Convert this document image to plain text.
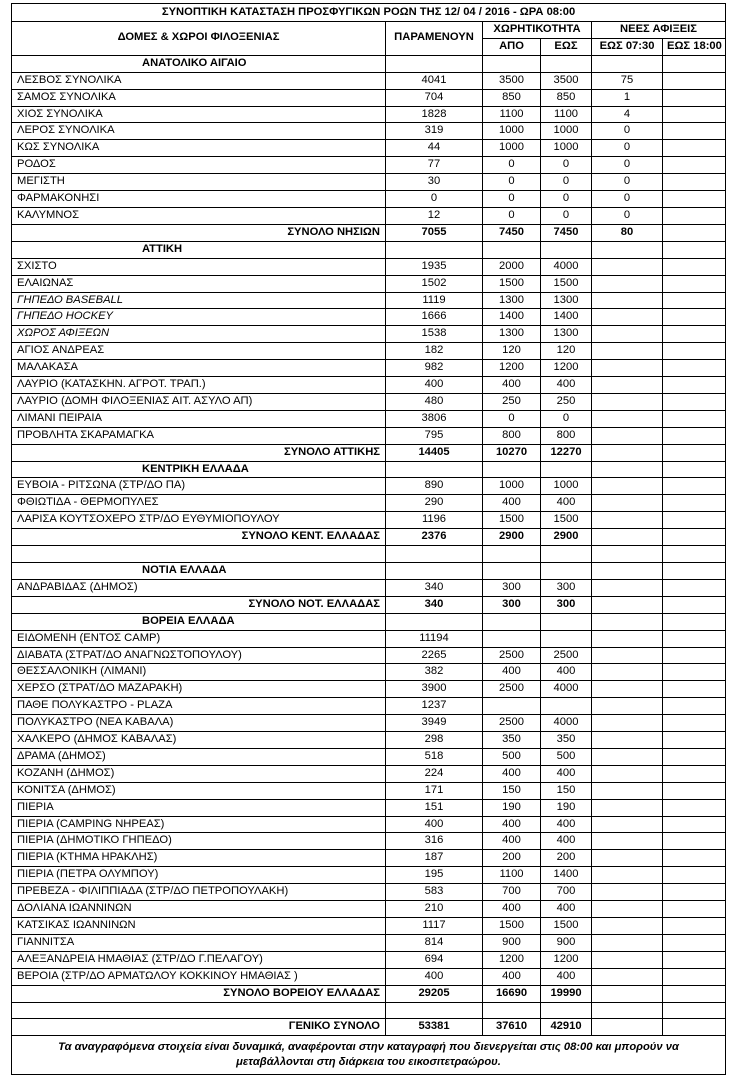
ΣΥΝΟΠΤΙΚΗ ΚΑΤΑΣΤΑΣΗ ΠΡΟΣΦΥΓΙΚΩΝ ΡΟΩΝ ΤΗΣ 12/ 04 / 2016 - ΩΡΑ 08:00					
ΔΟΜΕΣ & ΧΩΡΟΙ ΦΙΛΟΞΕΝΙΑΣ	ΠΑΡΑΜΕΝΟΥΝ	ΧΩΡΗΤΙΚΟΤΗΤΑ		ΝΕΕΣ ΑΦΙΞΕΙΣ	
		ΑΠΟ	ΕΩΣ	ΕΩΣ 07:30	ΕΩΣ 18:00
ΑΝΑΤΟΛΙΚΟ ΑΙΓΑΙΟ					
ΛΕΣΒΟΣ ΣΥΝΟΛΙΚΑ	4041	3500	3500	75	
ΣΑΜΟΣ ΣΥΝΟΛΙΚΑ	704	850	850	1	
ΧΙΟΣ ΣΥΝΟΛΙΚΑ	1828	1100	1100	4	
ΛΕΡΟΣ ΣΥΝΟΛΙΚΑ	319	1000	1000	0	
ΚΩΣ ΣΥΝΟΛΙΚΑ	44	1000	1000	0	
ΡΟΔΟΣ	77	0	0	0	
ΜΕΓΙΣΤΗ	30	0	0	0	
ΦΑΡΜΑΚΟΝΗΣΙ	0	0	0	0	
ΚΑΛΥΜΝΟΣ	12	0	0	0	
ΣΥΝΟΛΟ ΝΗΣΙΩΝ	7055	7450	7450	80	
ΑΤΤΙΚΗ					
ΣΧΙΣΤΟ	1935	2000	4000		
ΕΛΑΙΩΝΑΣ	1502	1500	1500		
ΓΗΠΕΔΟ BASEBALL	1119	1300	1300		
ΓΗΠΕΔΟ HOCKEY	1666	1400	1400		
ΧΩΡΟΣ ΑΦΙΞΕΩΝ	1538	1300	1300		
ΑΓΙΟΣ ΑΝΔΡΕΑΣ	182	120	120		
ΜΑΛΑΚΑΣΑ	982	1200	1200		
ΛΑΥΡΙΟ (ΚΑΤΑΣΚΗΝ. ΑΓΡΟΤ. ΤΡΑΠ.)	400	400	400		
ΛΑΥΡΙΟ (ΔΟΜΗ ΦΙΛΟΞΕΝΙΑΣ ΑΙΤ. ΑΣΥΛΟ ΑΠ)	480	250	250		
ΛΙΜΑΝΙ ΠΕΙΡΑΙΑ	3806	0	0		
ΠΡΟΒΛΗΤΑ ΣΚΑΡΑΜΑΓΚΑ	795	800	800		
ΣΥΝΟΛΟ ΑΤΤΙΚΗΣ	14405	10270	12270		
ΚΕΝΤΡΙΚΗ ΕΛΛΑΔΑ					
ΕΥΒΟΙΑ - ΡΙΤΣΩΝΑ (ΣΤΡ/ΔΟ ΠΑ)	890	1000	1000		
ΦΘΙΩΤΙΔΑ - ΘΕΡΜΟΠΥΛΕΣ	290	400	400		
ΛΑΡΙΣΑ ΚΟΥΤΣΟΧΕΡΟ ΣΤΡ/ΔΟ ΕΥΘΥΜΙΟΠΟΥΛΟΥ	1196	1500	1500		
ΣΥΝΟΛΟ ΚΕΝΤ. ΕΛΛΑΔΑΣ	2376	2900	2900		

ΝΟΤΙΑ ΕΛΛΑΔΑ					
ΑΝΔΡΑΒΙΔΑΣ (ΔΗΜΟΣ)	340	300	300		
ΣΥΝΟΛΟ ΝΟΤ. ΕΛΛΑΔΑΣ	340	300	300		
ΒΟΡΕΙΑ ΕΛΛΑΔΑ					
ΕΙΔΟΜΕΝΗ (ΕΝΤΟΣ CAMP)	11194				
ΔΙΑΒΑΤΑ (ΣΤΡΑΤ/ΔΟ ΑΝΑΓΝΩΣΤΟΠΟΥΛΟΥ)	2265	2500	2500		
ΘΕΣΣΑΛΟΝΙΚΗ (ΛΙΜΑΝΙ)	382	400	400		
ΧΕΡΣΟ (ΣΤΡΑΤ/ΔΟ ΜΑΖΑΡΑΚΗ)	3900	2500	4000		
ΠΑΘΕ ΠΟΛΥΚΑΣΤΡΟ - PLAZA	1237				
ΠΟΛΥΚΑΣΤΡΟ (ΝΕΑ ΚΑΒΑΛΑ)	3949	2500	4000		
ΧΑΛΚΕΡΟ (ΔΗΜΟΣ ΚΑΒΑΛΑΣ)	298	350	350		
ΔΡΑΜΑ (ΔΗΜΟΣ)	518	500	500		
ΚΟΖΑΝΗ (ΔΗΜΟΣ)	224	400	400		
ΚΟΝΙΤΣΑ (ΔΗΜΟΣ)	171	150	150		
ΠΙΕΡΙΑ	151	190	190		
ΠΙΕΡΙΑ (CAMPING ΝΗΡΕΑΣ)	400	400	400		
ΠΙΕΡΙΑ (ΔΗΜΟΤΙΚΟ ΓΗΠΕΔΟ)	316	400	400		
ΠΙΕΡΙΑ (ΚΤΗΜΑ ΗΡΑΚΛΗΣ)	187	200	200		
ΠΙΕΡΙΑ (ΠΕΤΡΑ ΟΛΥΜΠΟΥ)	195	1100	1400		
ΠΡΕΒΕΖΑ - ΦΙΛΙΠΠΙΑΔΑ (ΣΤΡ/ΔΟ ΠΕΤΡΟΠΟΥΛΑΚΗ)	583	700	700		
ΔΟΛΙΑΝΑ ΙΩΑΝΝΙΝΩΝ	210	400	400		
ΚΑΤΣΙΚΑΣ ΙΩΑΝΝΙΝΩΝ	1117	1500	1500		
ΓΙΑΝΝΙΤΣΑ	814	900	900		
ΑΛΕΞΑΝΔΡΕΙΑ ΗΜΑΘΙΑΣ (ΣΤΡ/ΔΟ Γ.ΠΕΛΑΓΟΥ)	694	1200	1200		
ΒΕΡΟΙΑ (ΣΤΡ/ΔΟ ΑΡΜΑΤΩΛΟΥ ΚΟΚΚΙΝΟΥ ΗΜΑΘΙΑΣ )	400	400	400		
ΣΥΝΟΛΟ ΒΟΡΕΙΟΥ ΕΛΛΑΔΑΣ	29205	16690	19990		

ΓΕΝΙΚΟ ΣΥΝΟΛΟ	53381	37610	42910		
Τα αναγραφόμενα στοιχεία είναι δυναμικά, αναφέρονται στην καταγραφή που διενεργείται στις 08:00 και μπορούν να μεταβάλλονται στη διάρκεια του εικοσιτετραώρου.					
